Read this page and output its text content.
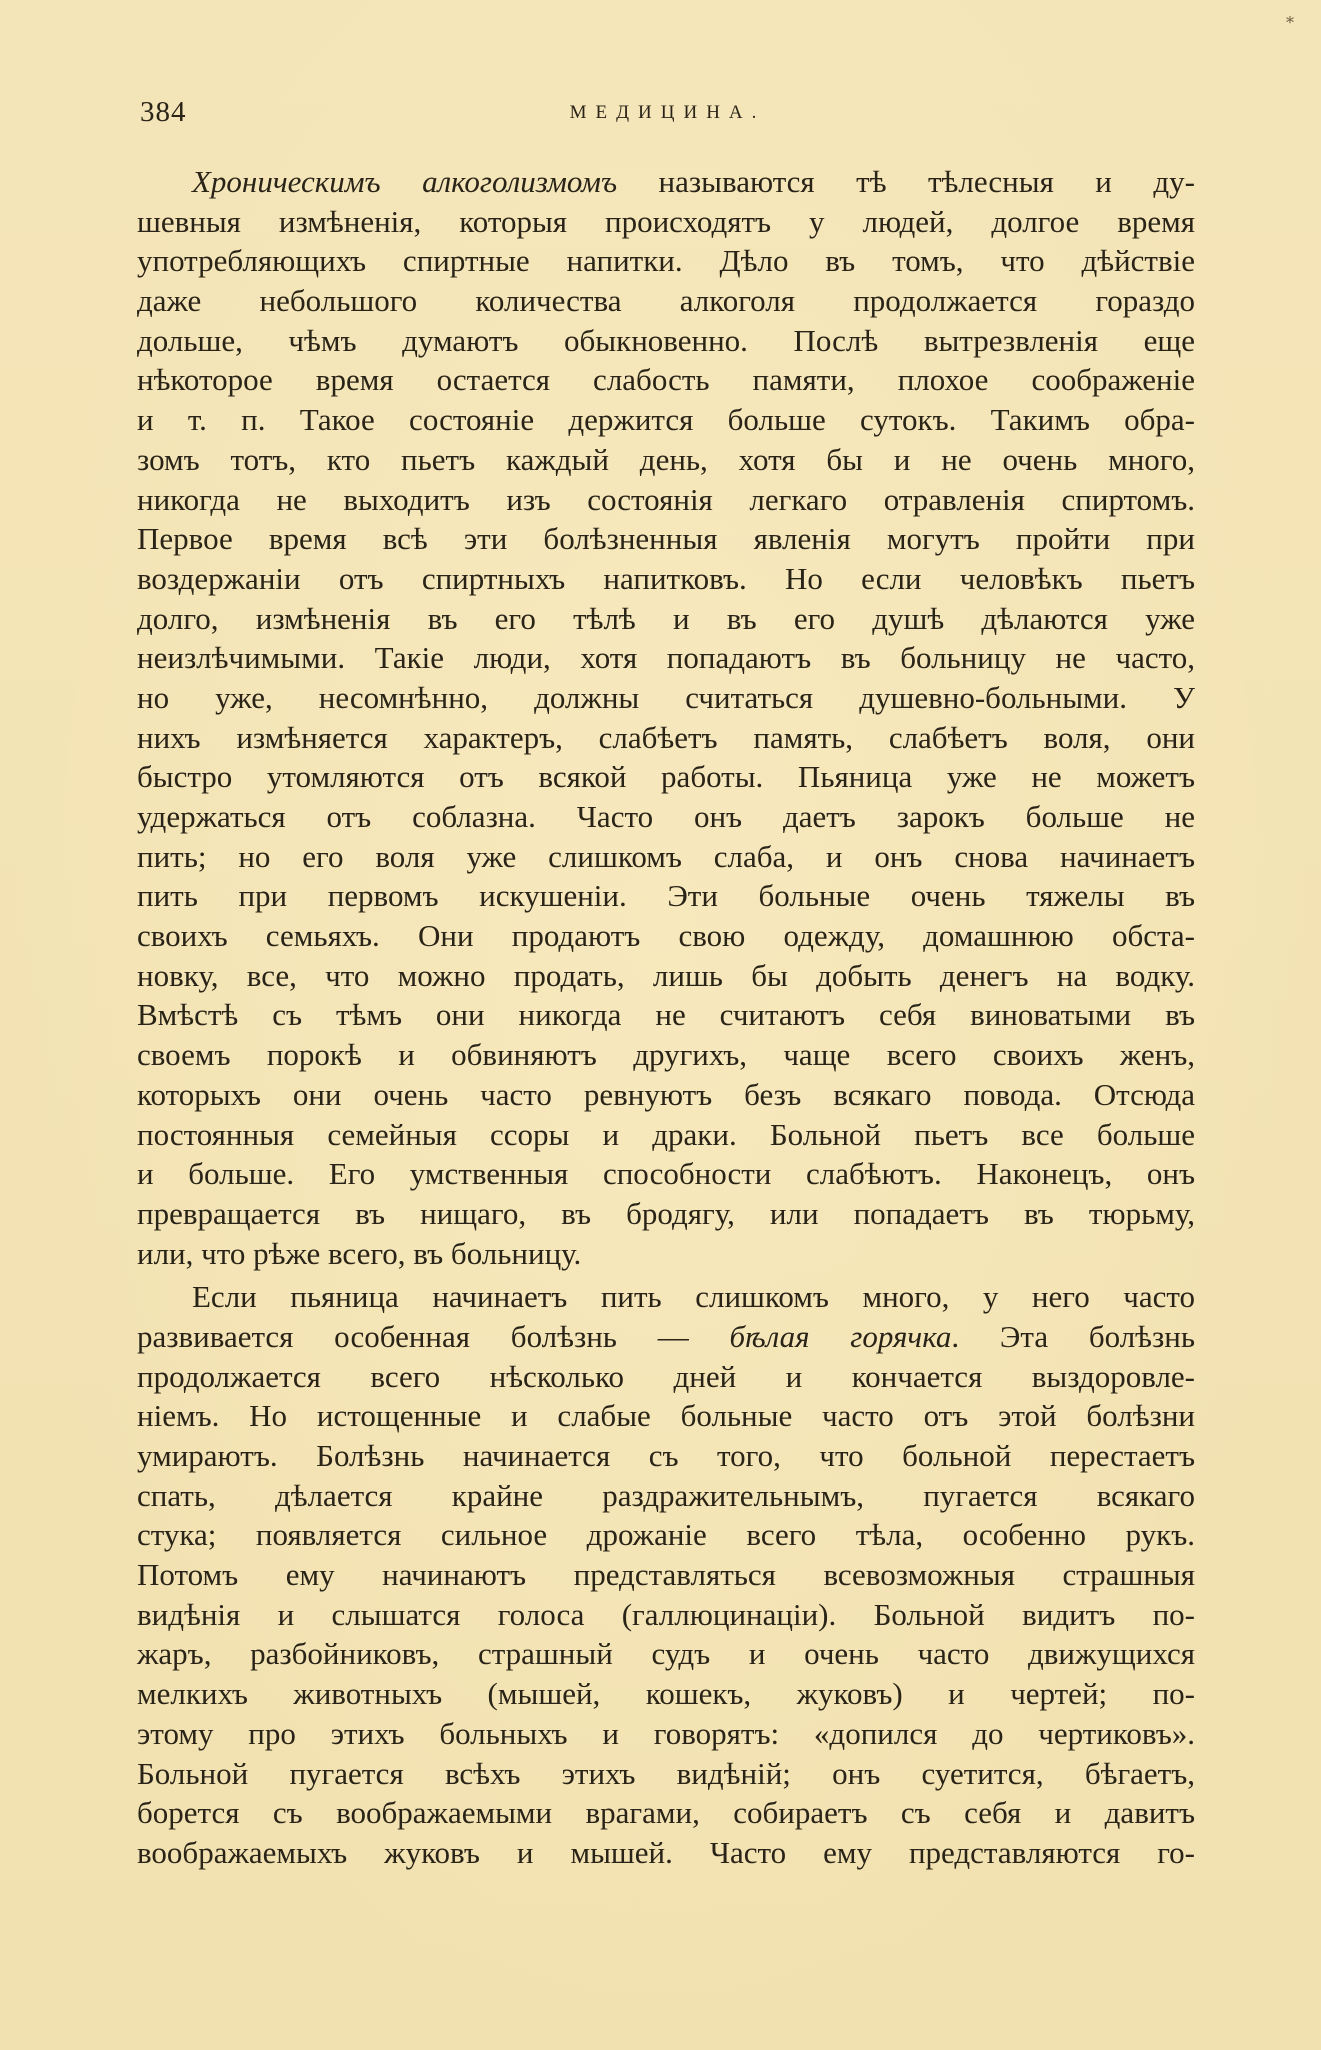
*
384	МЕДИЦИНА.
Хроническимъ алкоголизмомъ называются тѣ тѣлесныя и ду-
шевныя измѣненія, которыя происходятъ у людей, долгое время
употребляющихъ спиртные напитки. Дѣло въ томъ, что дѣйствіе
даже небольшого количества алкоголя продолжается гораздо
дольше, чѣмъ думаютъ обыкновенно. Послѣ вытрезвленія еще
нѣкоторое время остается слабость памяти, плохое соображеніе
и т. п. Такое состояніе держится больше сутокъ. Такимъ обра-
зомъ тотъ, кто пьетъ каждый день, хотя бы и не очень много,
никогда не выходитъ изъ состоянія легкаго отравленія спиртомъ.
Первое время всѣ эти болѣзненныя явленія могутъ пройти при
воздержаніи отъ спиртныхъ напитковъ. Но если человѣкъ пьетъ
долго, измѣненія въ его тѣлѣ и въ его душѣ дѣлаются уже
неизлѣчимыми. Такіе люди, хотя попадаютъ въ больницу не часто,
но уже, несомнѣнно, должны считаться душевно-больными. У
нихъ измѣняется характеръ, слабѣетъ память, слабѣетъ воля, они
быстро утомляются отъ всякой работы. Пьяница уже не можетъ
удержаться отъ соблазна. Часто онъ даетъ зарокъ больше не
пить; но его воля уже слишкомъ слаба, и онъ снова начинаетъ
пить при первомъ искушеніи. Эти больные очень тяжелы въ
своихъ семьяхъ. Они продаютъ свою одежду, домашнюю обста-
новку, все, что можно продать, лишь бы добыть денегъ на водку.
Вмѣстѣ съ тѣмъ они никогда не считаютъ себя виноватыми въ
своемъ порокѣ и обвиняютъ другихъ, чаще всего своихъ женъ,
которыхъ они очень часто ревнуютъ безъ всякаго повода. Отсюда
постоянныя семейныя ссоры и драки. Больной пьетъ все больше
и больше. Его умственныя способности слабѣютъ. Наконецъ, онъ
превращается въ нищаго, въ бродягу, или попадаетъ въ тюрьму,
или, что рѣже всего, въ больницу.
Если пьяница начинаетъ пить слишкомъ много, у него часто
развивается особенная болѣзнь — бѣлая горячка. Эта болѣзнь
продолжается всего нѣсколько дней и кончается выздоровле-
ніемъ. Но истощенные и слабые больные часто отъ этой болѣзни
умираютъ. Болѣзнь начинается съ того, что больной перестаетъ
спать, дѣлается крайне раздражительнымъ, пугается всякаго
стука; появляется сильное дрожаніе всего тѣла, особенно рукъ.
Потомъ ему начинаютъ представляться всевозможныя страшныя
видѣнія и слышатся голоса (галлюцинаціи). Больной видитъ по-
жаръ, разбойниковъ, страшный судъ и очень часто движущихся
мелкихъ животныхъ (мышей, кошекъ, жуковъ) и чертей; по-
этому про этихъ больныхъ и говорятъ: «допился до чертиковъ».
Больной пугается всѣхъ этихъ видѣній; онъ суетится, бѣгаетъ,
борется съ воображаемыми врагами, собираетъ съ себя и давитъ
воображаемыхъ жуковъ и мышей. Часто ему представляются го-
